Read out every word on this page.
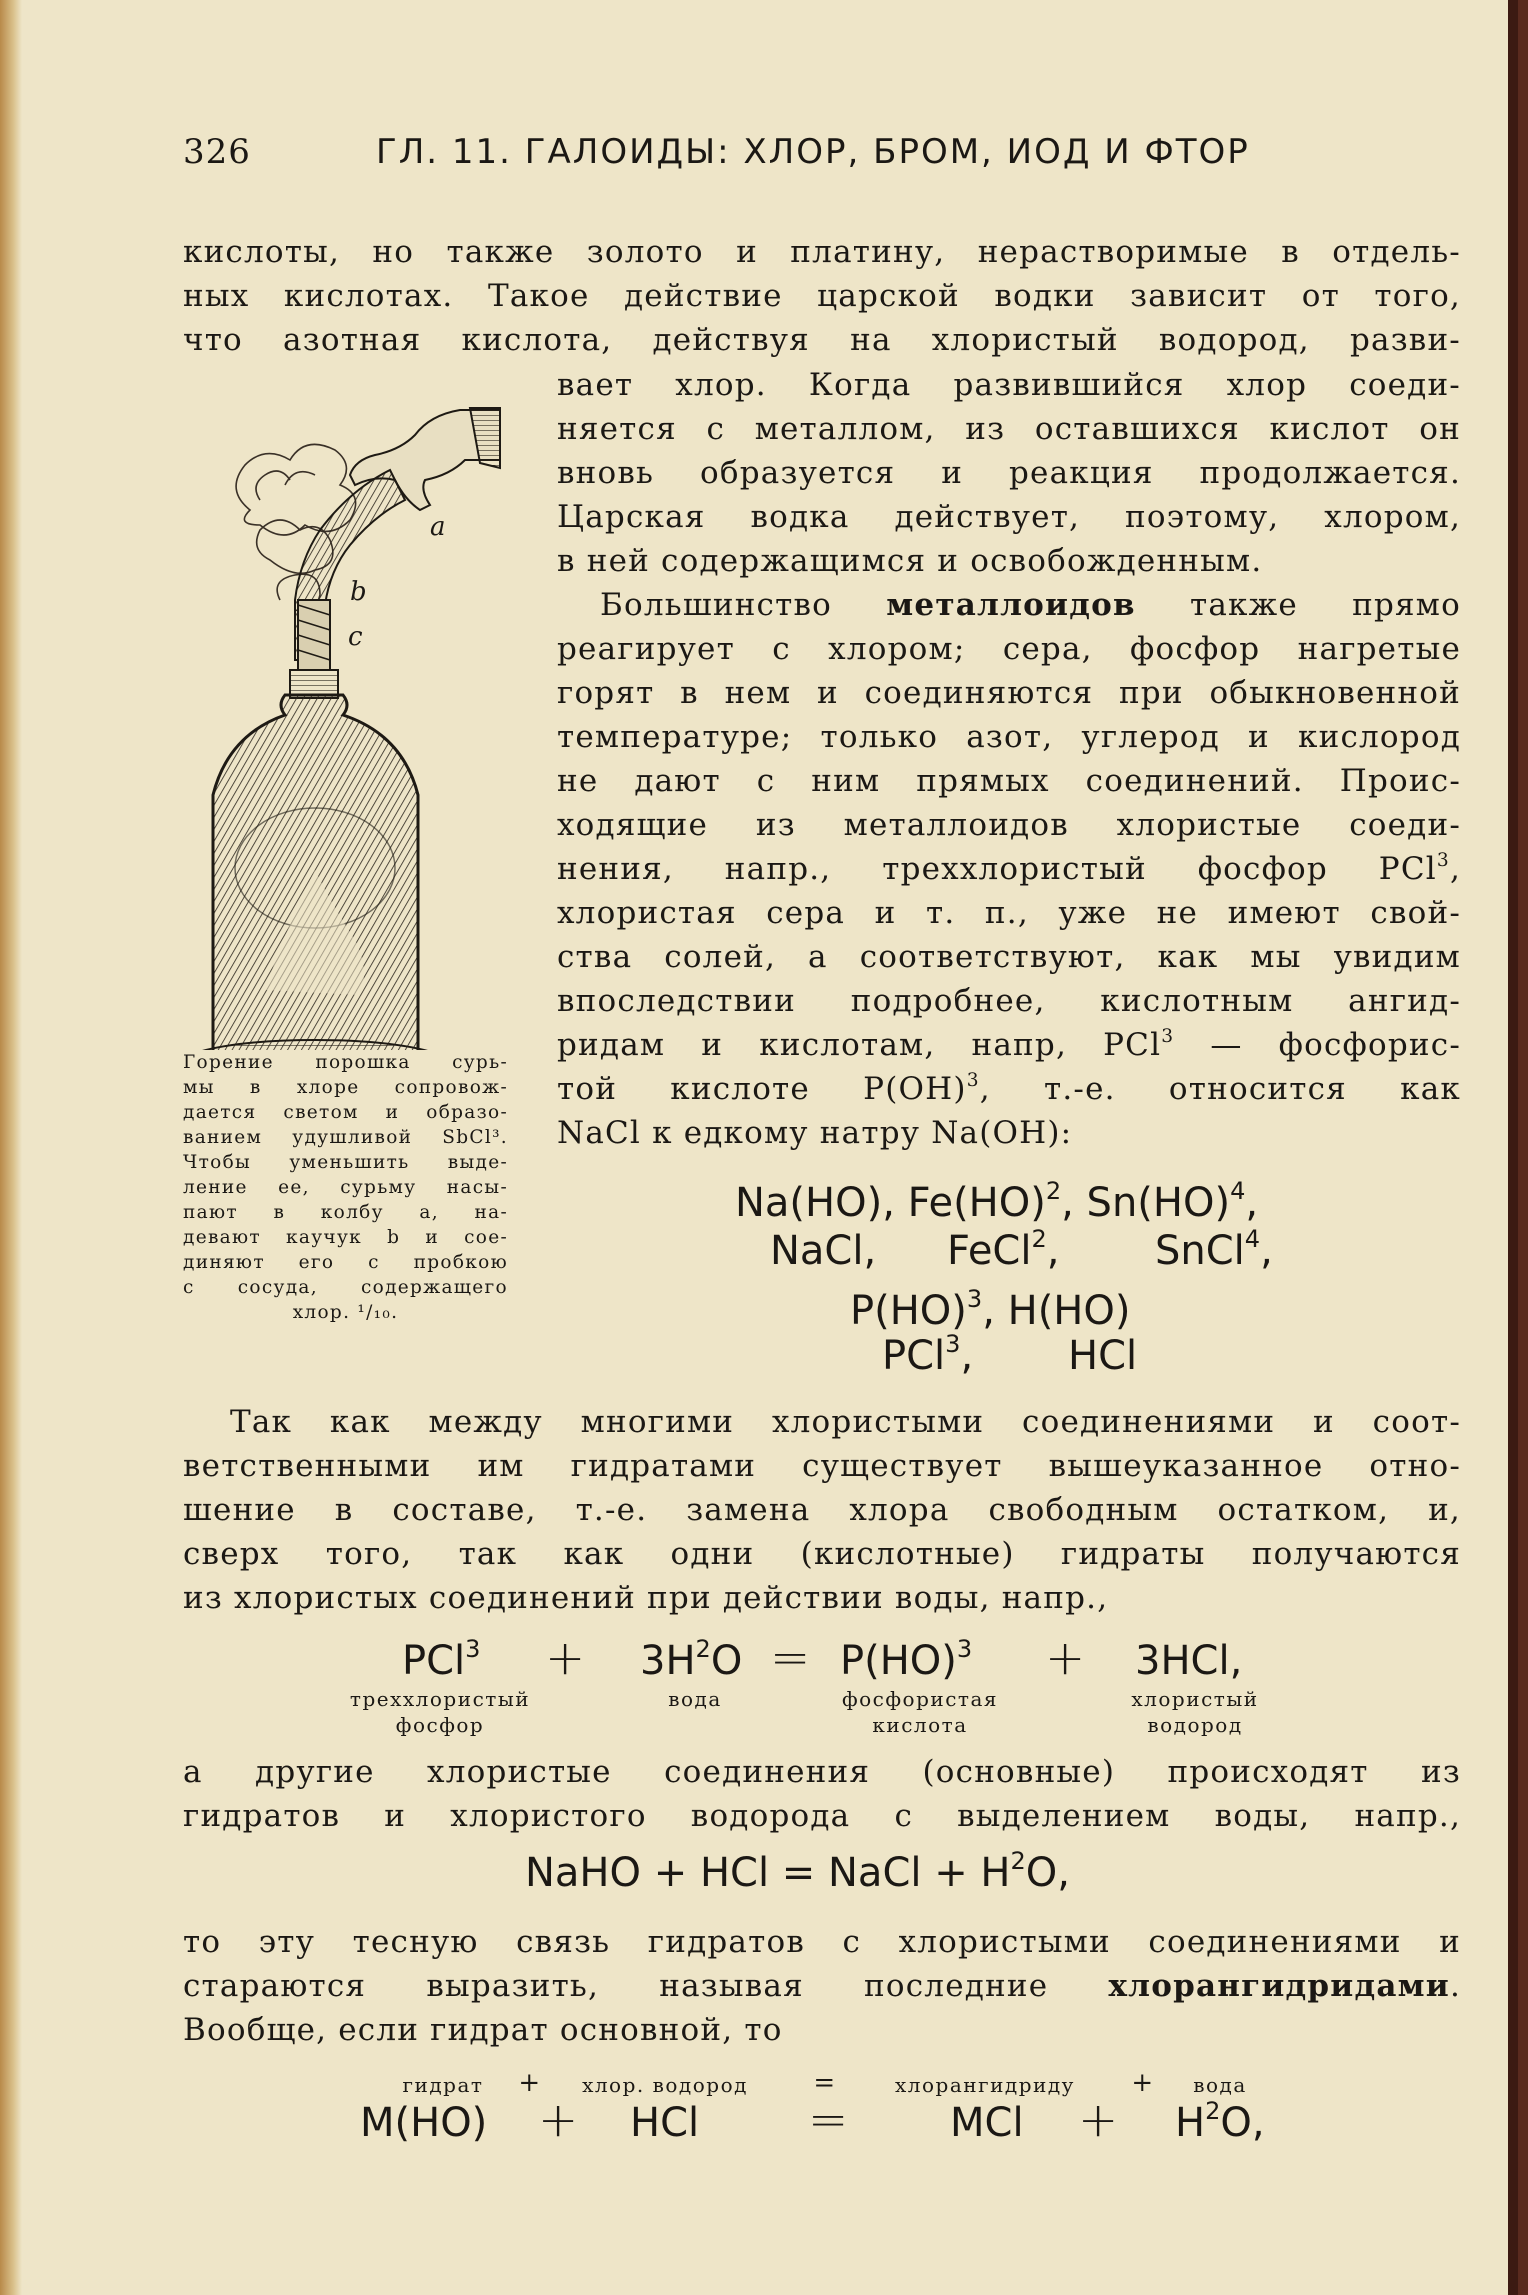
326	ГЛ. 11. ГАЛОИДЫ: ХЛОР, БРОМ, ИОД И ФТОР
кислоты, но также золото и платину, нерастворимые в отдель-
ных кислотах. Такое действие царской водки зависит от того,
что азотная кислота, действуя на хлористый водород, разви-
a
b
c
вает хлор. Когда развившийся хлор соеди-
няется с металлом, из оставшихся кислот он
вновь образуется и реакция продолжается.
Царская водка действует, поэтому, хлором,
в ней содержащимся и освобожденным.
Большинство металлоидов также прямо
реагирует с хлором; сера, фосфор нагретые
горят в нем и соединяются при обыкновенной
температуре; только азот, углерод и кислород
не дают с ним прямых соединений. Проис-
ходящие из металлоидов хлористые соеди-
нения, напр., треххлористый фосфор PCl$^3$,
хлористая сера и т. п., уже не имеют свой-
ства солей, а соответствуют, как мы увидим
впоследствии подробнее, кислотным ангид-
ридам и кислотам, напр, PCl$^3$ — фосфорис-
той кислоте P(OH)$^3$, т.-е. относится как
NaCl к едкому натру Na(OH):
Горение порошка сурь-
мы в хлоре сопровож-
дается светом и образо-
ванием удушливой SbCl³.
Чтобы уменьшить выде-
ление ее, сурьму насы-
пают в колбу a, на-
девают каучук b и сое-
диняют его с пробкою
c сосуда, содержащего
хлор. ¹/₁₀.
Na(HO), Fe(HO)$^2$, Sn(HO)$^4$,
NaCl, FeCl$^2$, SnCl$^4$,
P(HO)$^3$, H(HO)
PCl$^3$, HCl
Так как между многими хлористыми соединениями и соот-
ветственными им гидратами существует вышеуказанное отно-
шение в составе, т.-е. замена хлора свободным остатком, и,
сверх того, так как одни (кислотные) гидраты получаются
из хлористых соединений при действии воды, напр.,
$PCl^3 + 3H^2O = P(HO)^3 + 3HCl$,
треххлористый
фосфор
вода	фосфористая
кислота
хлористый
водород
а другие хлористые соединения (основные) происходят из
гидратов и хлористого водорода с выделением воды, напр.,
NaHO + HCl = NaCl + $H^2O$,
то эту тесную связь гидратов с хлористыми соединениями и
стараются выразить, называя последние хлорангидридами.
Вообще, если гидрат основной, то
гидрат	+	хлор. водород	=	хлорангидриду	+	вода
M(HO) + HCl =	MCl + $H^2O$,
